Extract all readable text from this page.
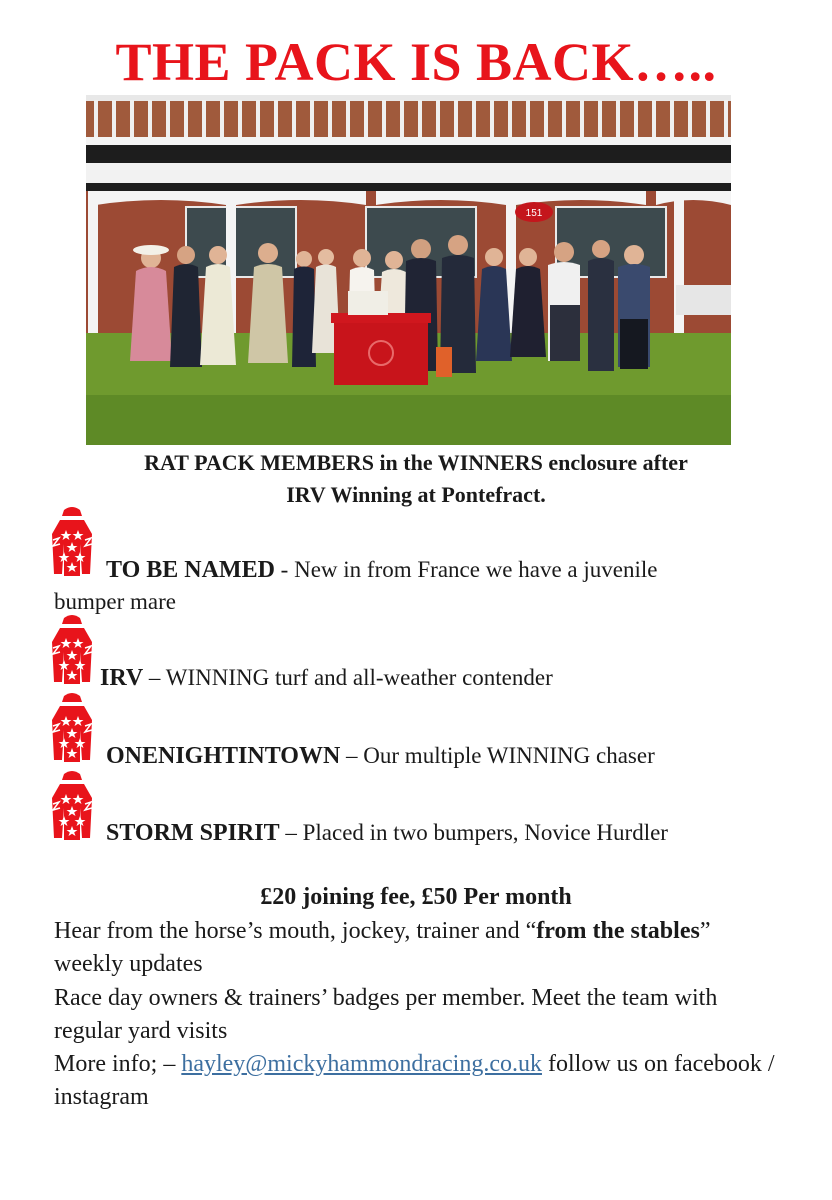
THE PACK IS BACK…..
151
RAT PACK MEMBERS in the WINNERS enclosure after
IRV Winning at Pontefract.
TO BE NAMED - New in from France we have a juvenile
bumper mare
IRV – WINNING turf and all-weather contender
ONENIGHTINTOWN – Our multiple WINNING chaser
STORM SPIRIT – Placed in two bumpers, Novice Hurdler
£20 joining fee, £50 Per month
Hear from the horse’s mouth, jockey, trainer and “from the stables” weekly updates
Race day owners & trainers’ badges per member. Meet the team with regular yard visits
More info; – hayley@mickyhammondracing.co.uk follow us on facebook / instagram
